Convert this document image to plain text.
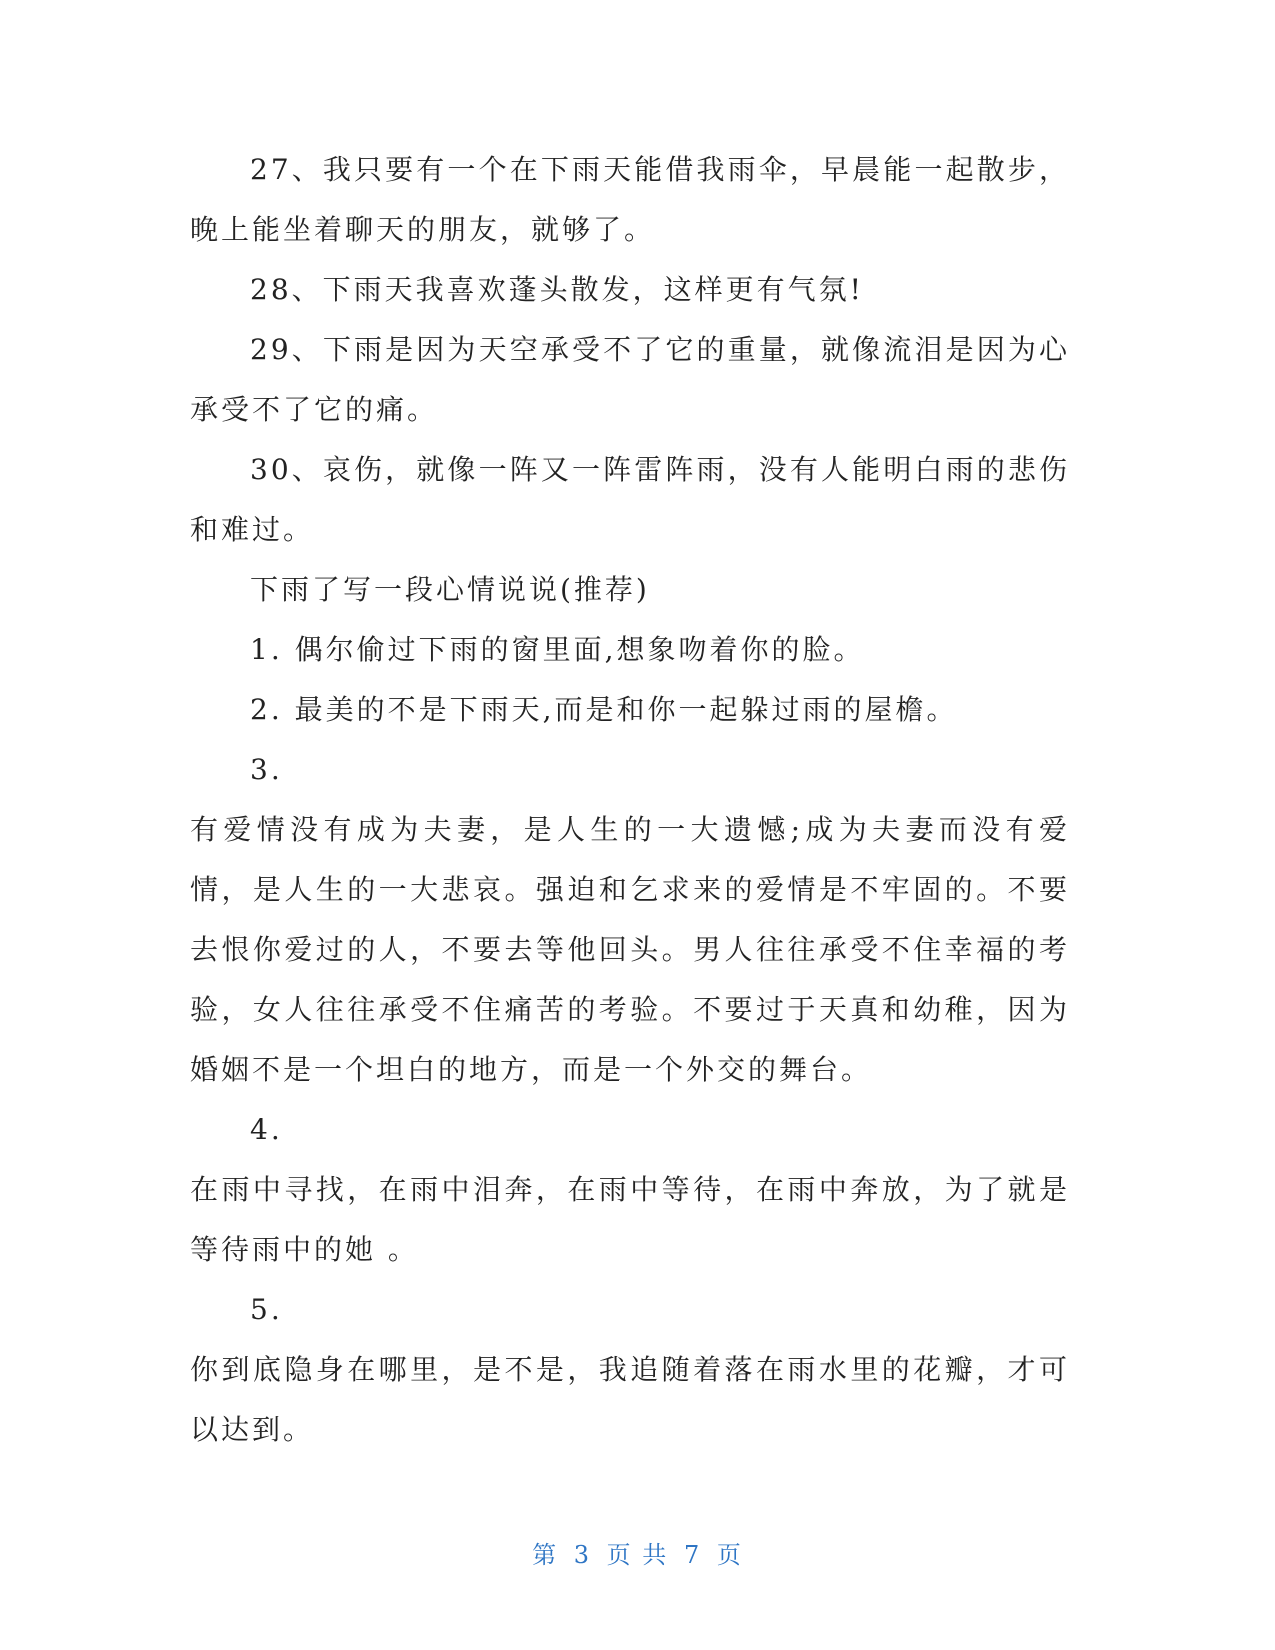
27、我只要有一个在下雨天能借我雨伞，早晨能一起散步，晚上能坐着聊天的朋友，就够了。

28、下雨天我喜欢蓬头散发，这样更有气氛!

29、下雨是因为天空承受不了它的重量，就像流泪是因为心承受不了它的痛。

30、哀伤，就像一阵又一阵雷阵雨，没有人能明白雨的悲伤和难过。

下雨了写一段心情说说(推荐)

1. 偶尔偷过下雨的窗里面,想象吻着你的脸。

2. 最美的不是下雨天,而是和你一起躲过雨的屋檐。

3.

有爱情没有成为夫妻，是人生的一大遗憾;成为夫妻而没有爱情，是人生的一大悲哀。强迫和乞求来的爱情是不牢固的。不要去恨你爱过的人，不要去等他回头。男人往往承受不住幸福的考验，女人往往承受不住痛苦的考验。不要过于天真和幼稚，因为婚姻不是一个坦白的地方，而是一个外交的舞台。

4.

在雨中寻找，在雨中泪奔，在雨中等待，在雨中奔放，为了就是等待雨中的她 。

5.

你到底隐身在哪里，是不是，我追随着落在雨水里的花瓣，才可以达到。

第 3 页 共 7 页
